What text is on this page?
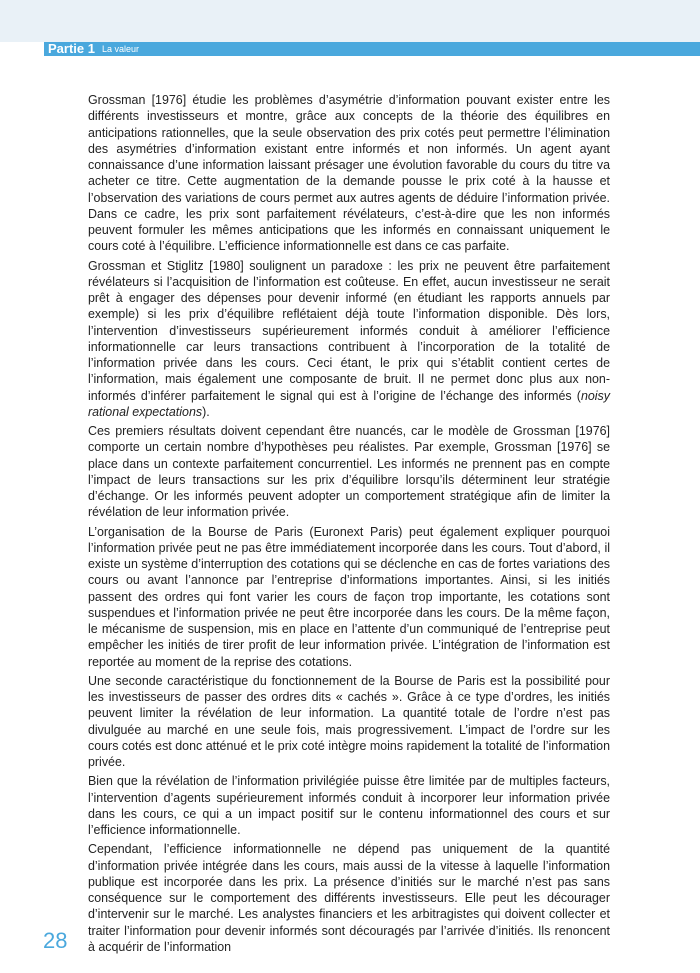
Partie 1 La valeur

Grossman [1976] étudie les problèmes d’asymétrie d’information pouvant exister entre les différents investisseurs et montre, grâce aux concepts de la théorie des équilibres en anticipations rationnelles, que la seule observation des prix cotés peut permettre l’élimination des asymétries d’information existant entre informés et non informés. Un agent ayant connaissance d’une information laissant présager une évolution favorable du cours du titre va acheter ce titre. Cette augmentation de la demande pousse le prix coté à la hausse et l’observation des variations de cours permet aux autres agents de déduire l’information privée. Dans ce cadre, les prix sont parfaitement révélateurs, c’est-à-dire que les non informés peuvent formuler les mêmes anticipations que les informés en connaissant uniquement le cours coté à l’équilibre. L’efficience informationnelle est dans ce cas parfaite.

Grossman et Stiglitz [1980] soulignent un paradoxe : les prix ne peuvent être parfaitement révélateurs si l’acquisition de l’information est coûteuse. En effet, aucun investisseur ne serait prêt à engager des dépenses pour devenir informé (en étudiant les rapports annuels par exemple) si les prix d’équilibre reflétaient déjà toute l’information disponible. Dès lors, l’intervention d’investisseurs supérieurement informés conduit à améliorer l’efficience informationnelle car leurs transactions contribuent à l’incorporation de la totalité de l’information privée dans les cours. Ceci étant, le prix qui s’établit contient certes de l’information, mais également une composante de bruit. Il ne permet donc plus aux non-informés d’inférer parfaitement le signal qui est à l’origine de l’échange des informés (noisy rational expectations).

Ces premiers résultats doivent cependant être nuancés, car le modèle de Grossman [1976] comporte un certain nombre d’hypothèses peu réalistes. Par exemple, Grossman [1976] se place dans un contexte parfaitement concurrentiel. Les informés ne prennent pas en compte l’impact de leurs transactions sur les prix d’équilibre lorsqu’ils déterminent leur stratégie d’échange. Or les informés peuvent adopter un comportement stratégique afin de limiter la révélation de leur information privée.

L’organisation de la Bourse de Paris (Euronext Paris) peut également expliquer pourquoi l’information privée peut ne pas être immédiatement incorporée dans les cours. Tout d’abord, il existe un système d’interruption des cotations qui se déclenche en cas de fortes variations des cours ou avant l’annonce par l’entreprise d’informations importantes. Ainsi, si les initiés passent des ordres qui font varier les cours de façon trop importante, les cotations sont suspendues et l’information privée ne peut être incorporée dans les cours. De la même façon, le mécanisme de suspension, mis en place en l’attente d’un communiqué de l’entreprise peut empêcher les initiés de tirer profit de leur information privée. L’intégration de l’information est reportée au moment de la reprise des cotations.

Une seconde caractéristique du fonctionnement de la Bourse de Paris est la possibilité pour les investisseurs de passer des ordres dits « cachés ». Grâce à ce type d’ordres, les initiés peuvent limiter la révélation de leur information. La quantité totale de l’ordre n’est pas divulguée au marché en une seule fois, mais progressivement. L’impact de l’ordre sur les cours cotés est donc atténué et le prix coté intègre moins rapidement la totalité de l’information privée.

Bien que la révélation de l’information privilégiée puisse être limitée par de multiples facteurs, l’intervention d’agents supérieurement informés conduit à incorporer leur information privée dans les cours, ce qui a un impact positif sur le contenu informationnel des cours et sur l’efficience informationnelle.

Cependant, l’efficience informationnelle ne dépend pas uniquement de la quantité d’information privée intégrée dans les cours, mais aussi de la vitesse à laquelle l’information publique est incorporée dans les prix. La présence d’initiés sur le marché n’est pas sans conséquence sur le comportement des différents investisseurs. Elle peut les décourager d’intervenir sur le marché. Les analystes financiers et les arbitragistes qui doivent collecter et traiter l’information pour devenir informés sont découragés par l’arrivée d’initiés. Ils renoncent à acquérir de l’information

28
